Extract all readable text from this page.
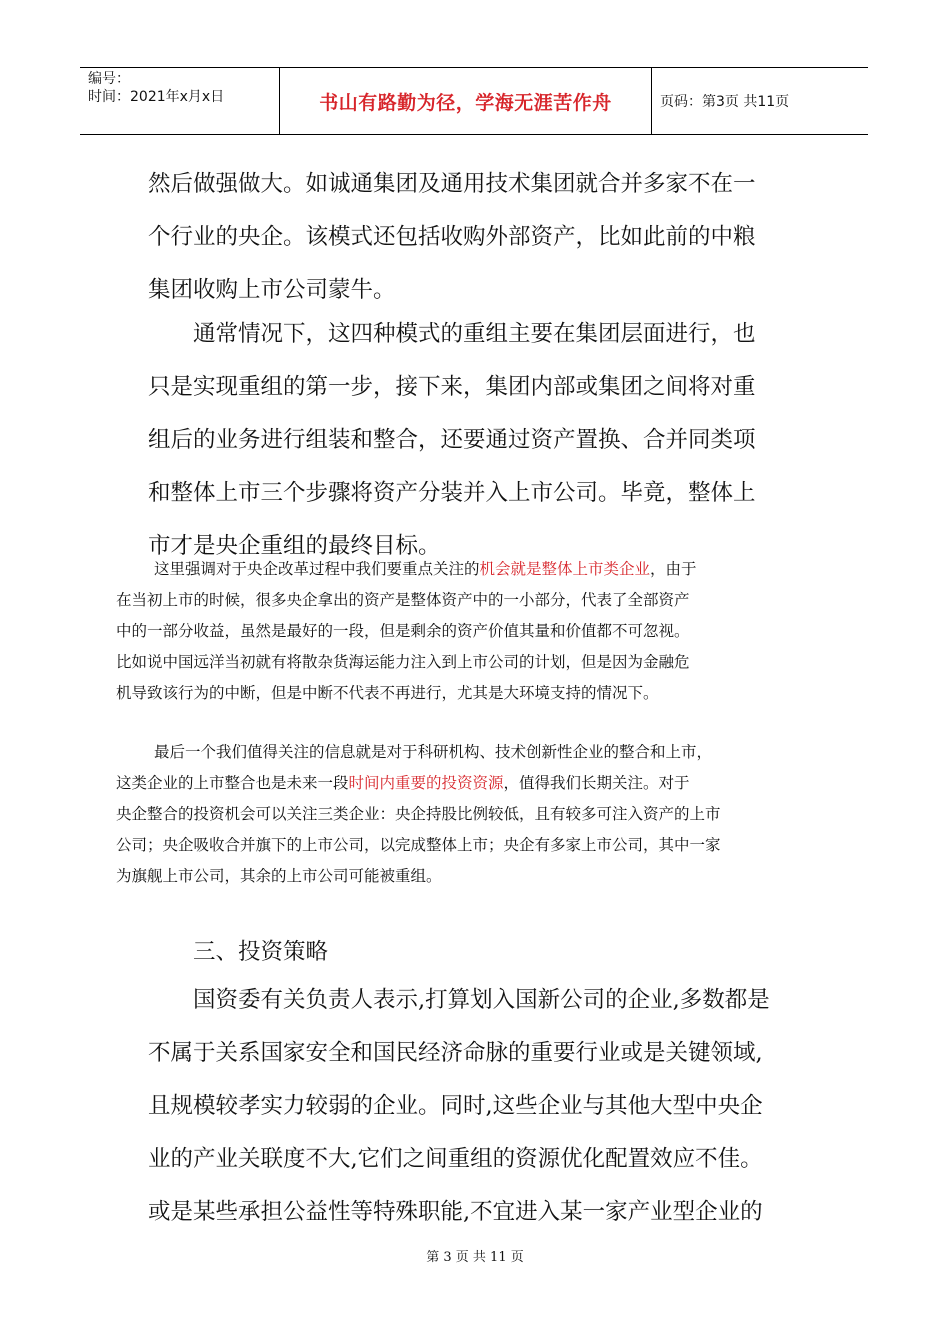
编号：
时间：2021年x月x日	书山有路勤为径，学海无涯苦作舟	页码：第3页 共11页

然后做强做大。如诚通集团及通用技术集团就合并多家不在一
个行业的央企。该模式还包括收购外部资产，比如此前的中粮
集团收购上市公司蒙牛。

通常情况下，这四种模式的重组主要在集团层面进行，也
只是实现重组的第一步，接下来，集团内部或集团之间将对重
组后的业务进行组装和整合，还要通过资产置换、合并同类项
和整体上市三个步骤将资产分装并入上市公司。毕竟，整体上
市才是央企重组的最终目标。

这里强调对于央企改革过程中我们要重点关注的机会就是整体上市类企业，由于
在当初上市的时候，很多央企拿出的资产是整体资产中的一小部分，代表了全部资产
中的一部分收益，虽然是最好的一段，但是剩余的资产价值其量和价值都不可忽视。
比如说中国远洋当初就有将散杂货海运能力注入到上市公司的计划，但是因为金融危
机导致该行为的中断，但是中断不代表不再进行，尤其是大环境支持的情况下。

最后一个我们值得关注的信息就是对于科研机构、技术创新性企业的整合和上市，
这类企业的上市整合也是未来一段时间内重要的投资资源，值得我们长期关注。对于
央企整合的投资机会可以关注三类企业：央企持股比例较低，且有较多可注入资产的上市
公司；央企吸收合并旗下的上市公司，以完成整体上市；央企有多家上市公司，其中一家
为旗舰上市公司，其余的上市公司可能被重组。

三、投资策略

国资委有关负责人表示,打算划入国新公司的企业,多数都是
不属于关系国家安全和国民经济命脉的重要行业或是关键领域,
且规模较孝实力较弱的企业。同时,这些企业与其他大型中央企
业的产业关联度不大,它们之间重组的资源优化配置效应不佳。
或是某些承担公益性等特殊职能,不宜进入某一家产业型企业的

第 3 页 共 11 页
